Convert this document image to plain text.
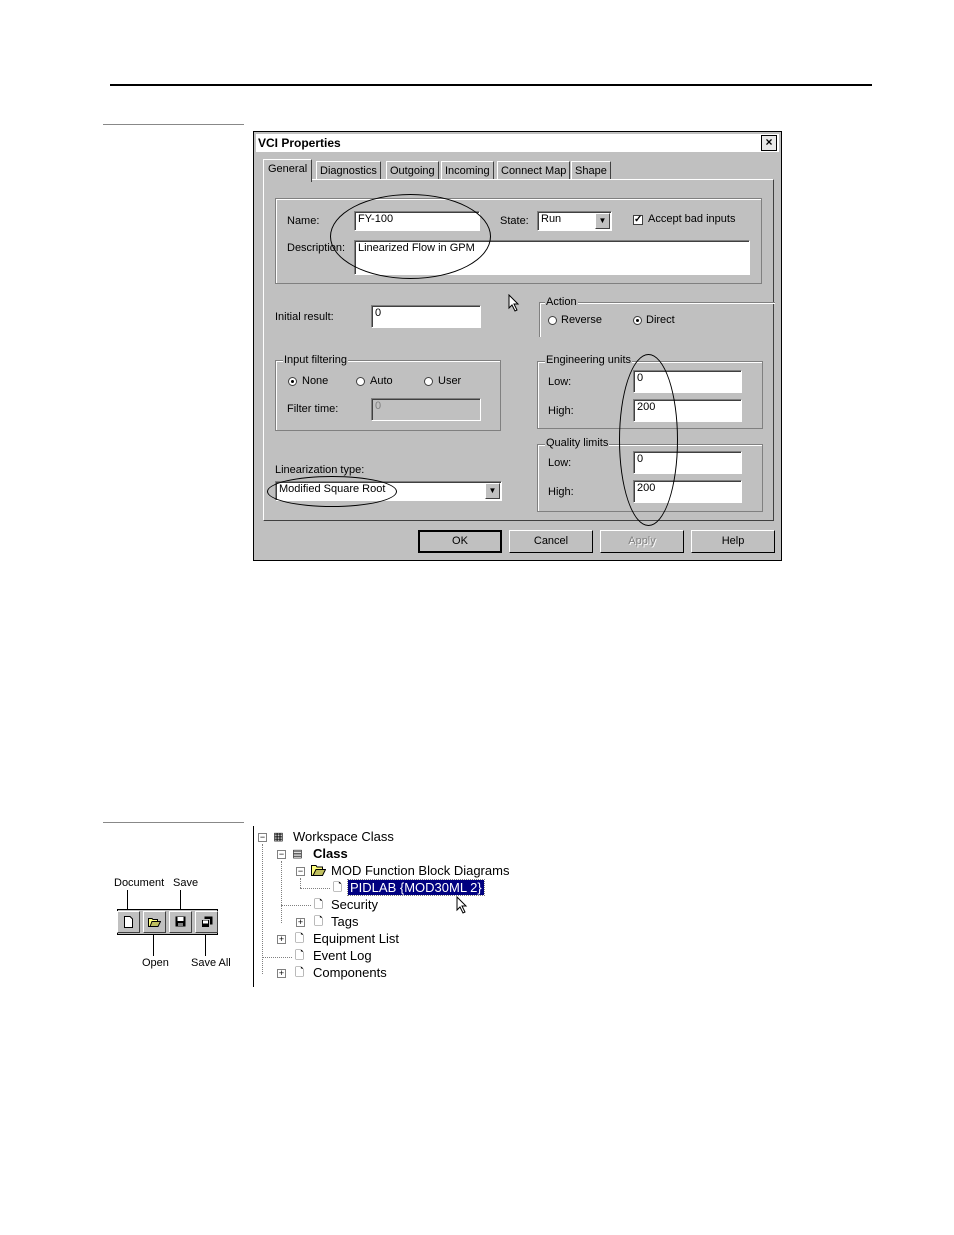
VCI Properties	×
General	Diagnostics	Outgoing Incoming	Connect Map Shape
Name:	FY-100	State:	Run	▼	✓ Accept bad inputs
Description:	Linearized Flow in GPM
Initial result:	0
Action
Reverse	Direct
Input filtering
None	Auto	User
Filter time:	0
Engineering units
Low:	0
High:	200
Quality limits
Low:	0
High:	200
Linearization type:
Modified Square Root	▼
OK	Cancel	Apply	Help
Document Save
Open Save All
− ▦ Workspace Class
− ▤ Class
− MOD Function Block Diagrams
🗋 PIDLAB {MOD30ML 2}
🗋 Security
+ 🗋 Tags
+ 🗋 Equipment List
🗋 Event Log
+ 🗋 Components
